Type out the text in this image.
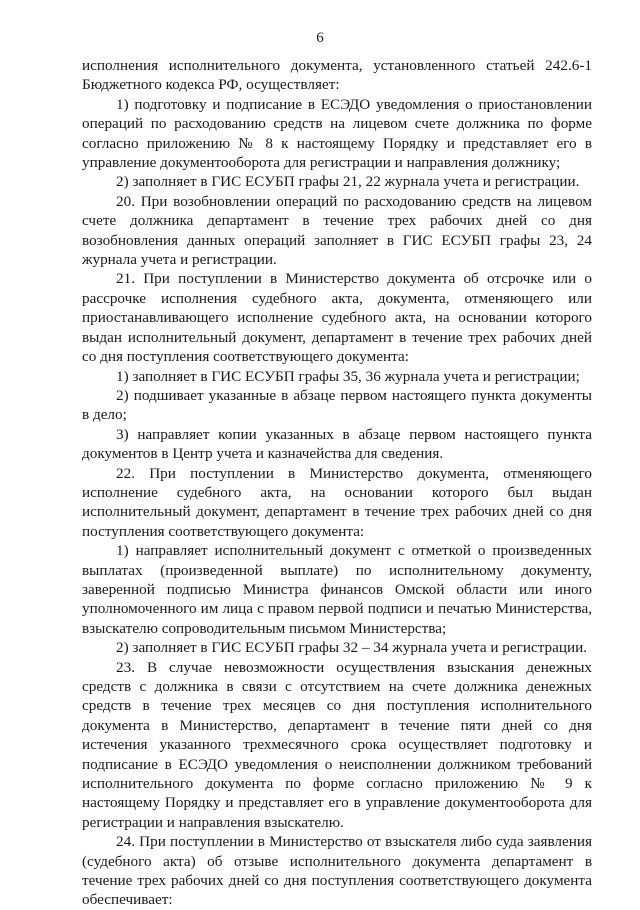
6

исполнения исполнительного документа, установленного статьей 242.6-1 Бюджетного кодекса РФ, осуществляет:

1) подготовку и подписание в ЕСЭДО уведомления о приостановлении операций по расходованию средств на лицевом счете должника по форме согласно приложению № 8 к настоящему Порядку и представляет его в управление документооборота для регистрации и направления должнику;

2) заполняет в ГИС ЕСУБП графы 21, 22 журнала учета и регистрации.

20. При возобновлении операций по расходованию средств на лицевом счете должника департамент в течение трех рабочих дней со дня возобновления данных операций заполняет в ГИС ЕСУБП графы 23, 24 журнала учета и регистрации.

21. При поступлении в Министерство документа об отсрочке или о рассрочке исполнения судебного акта, документа, отменяющего или приостанавливающего исполнение судебного акта, на основании которого выдан исполнительный документ, департамент в течение трех рабочих дней со дня поступления соответствующего документа:

1) заполняет в ГИС ЕСУБП графы 35, 36 журнала учета и регистрации;

2) подшивает указанные в абзаце первом настоящего пункта документы в дело;

3) направляет копии указанных в абзаце первом настоящего пункта документов в Центр учета и казначейства для сведения.

22. При поступлении в Министерство документа, отменяющего исполнение судебного акта, на основании которого был выдан исполнительный документ, департамент в течение трех рабочих дней со дня поступления соответствующего документа:

1) направляет исполнительный документ с отметкой о произведенных выплатах (произведенной выплате) по исполнительному документу, заверенной подписью Министра финансов Омской области или иного уполномоченного им лица с правом первой подписи и печатью Министерства, взыскателю сопроводительным письмом Министерства;

2) заполняет в ГИС ЕСУБП графы 32 – 34 журнала учета и регистрации.

23. В случае невозможности осуществления взыскания денежных средств с должника в связи с отсутствием на счете должника денежных средств в течение трех месяцев со дня поступления исполнительного документа в Министерство, департамент в течение пяти дней со дня истечения указанного трехмесячного срока осуществляет подготовку и подписание в ЕСЭДО уведомления о неисполнении должником требований исполнительного документа по форме согласно приложению № 9 к настоящему Порядку и представляет его в управление документооборота для регистрации и направления взыскателю.

24. При поступлении в Министерство от взыскателя либо суда заявления (судебного акта) об отзыве исполнительного документа департамент в течение трех рабочих дней со дня поступления соответствующего документа обеспечивает:
